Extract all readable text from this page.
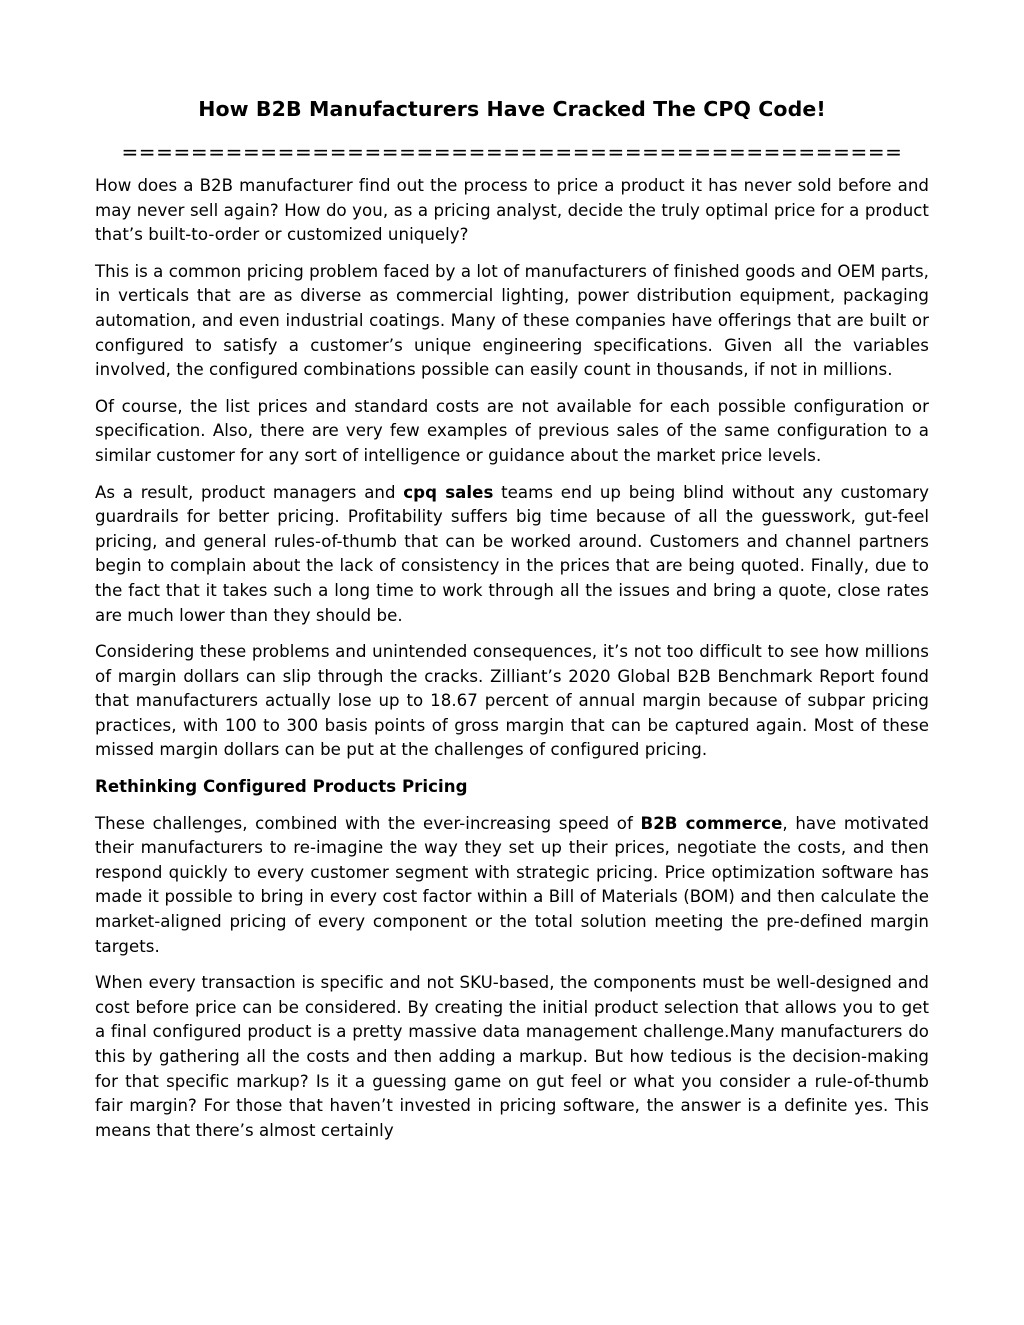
How B2B Manufacturers Have Cracked The CPQ Code!
=============================================

How does a B2B manufacturer find out the process to price a product it has never sold before and may never sell again? How do you, as a pricing analyst, decide the truly optimal price for a product that’s built-to-order or customized uniquely?

This is a common pricing problem faced by a lot of manufacturers of finished goods and OEM parts, in verticals that are as diverse as commercial lighting, power distribution equipment, packaging automation, and even industrial coatings. Many of these companies have offerings that are built or configured to satisfy a customer’s unique engineering specifications. Given all the variables involved, the configured combinations possible can easily count in thousands, if not in millions.

Of course, the list prices and standard costs are not available for each possible configuration or specification. Also, there are very few examples of previous sales of the same configuration to a similar customer for any sort of intelligence or guidance about the market price levels.

As a result, product managers and cpq sales teams end up being blind without any customary guardrails for better pricing. Profitability suffers big time because of all the guesswork, gut-feel pricing, and general rules-of-thumb that can be worked around. Customers and channel partners begin to complain about the lack of consistency in the prices that are being quoted. Finally, due to the fact that it takes such a long time to work through all the issues and bring a quote, close rates are much lower than they should be.

Considering these problems and unintended consequences, it’s not too difficult to see how millions of margin dollars can slip through the cracks. Zilliant’s 2020 Global B2B Benchmark Report found that manufacturers actually lose up to 18.67 percent of annual margin because of subpar pricing practices, with 100 to 300 basis points of gross margin that can be captured again. Most of these missed margin dollars can be put at the challenges of configured pricing.

Rethinking Configured Products Pricing

These challenges, combined with the ever-increasing speed of B2B commerce, have motivated their manufacturers to re-imagine the way they set up their prices, negotiate the costs, and then respond quickly to every customer segment with strategic pricing. Price optimization software has made it possible to bring in every cost factor within a Bill of Materials (BOM) and then calculate the market-aligned pricing of every component or the total solution meeting the pre-defined margin targets.

When every transaction is specific and not SKU-based, the components must be well-designed and cost before price can be considered. By creating the initial product selection that allows you to get a final configured product is a pretty massive data management challenge.Many manufacturers do this by gathering all the costs and then adding a markup. But how tedious is the decision-making for that specific markup? Is it a guessing game on gut feel or what you consider a rule-of-thumb fair margin? For those that haven’t invested in pricing software, the answer is a definite yes. This means that there’s almost certainly
